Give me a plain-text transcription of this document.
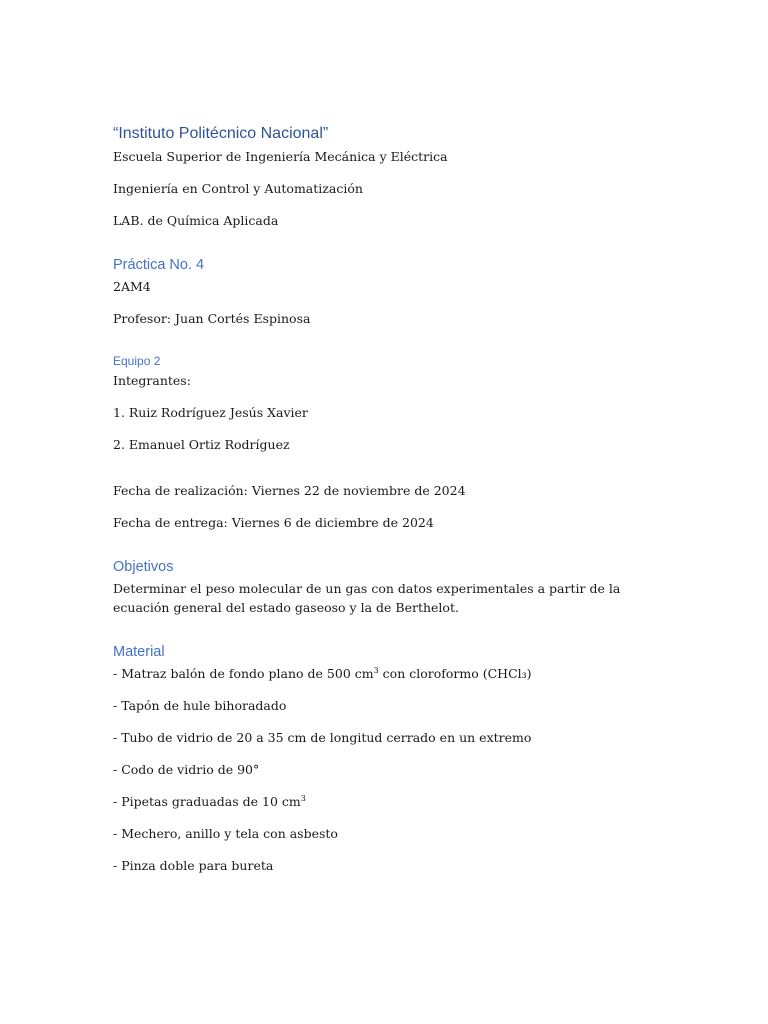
“Instituto Politécnico Nacional”
Escuela Superior de Ingeniería Mecánica y Eléctrica
Ingeniería en Control y Automatización
LAB. de Química Aplicada
Práctica No. 4
2AM4
Profesor: Juan Cortés Espinosa
Equipo 2
Integrantes:
1. Ruiz Rodríguez Jesús Xavier
2. Emanuel Ortiz Rodríguez
Fecha de realización: Viernes 22 de noviembre de 2024
Fecha de entrega: Viernes 6 de diciembre de 2024
Objetivos
Determinar el peso molecular de un gas con datos experimentales a partir de la ecuación general del estado gaseoso y la de Berthelot.
Material
- Matraz balón de fondo plano de 500 $cm^3$ con cloroformo (CHCl₃)
- Tapón de hule bihoradado
- Tubo de vidrio de 20 a 35 cm de longitud cerrado en un extremo
- Codo de vidrio de 90°
- Pipetas graduadas de 10 $cm^3$
- Mechero, anillo y tela con asbesto
- Pinza doble para bureta
